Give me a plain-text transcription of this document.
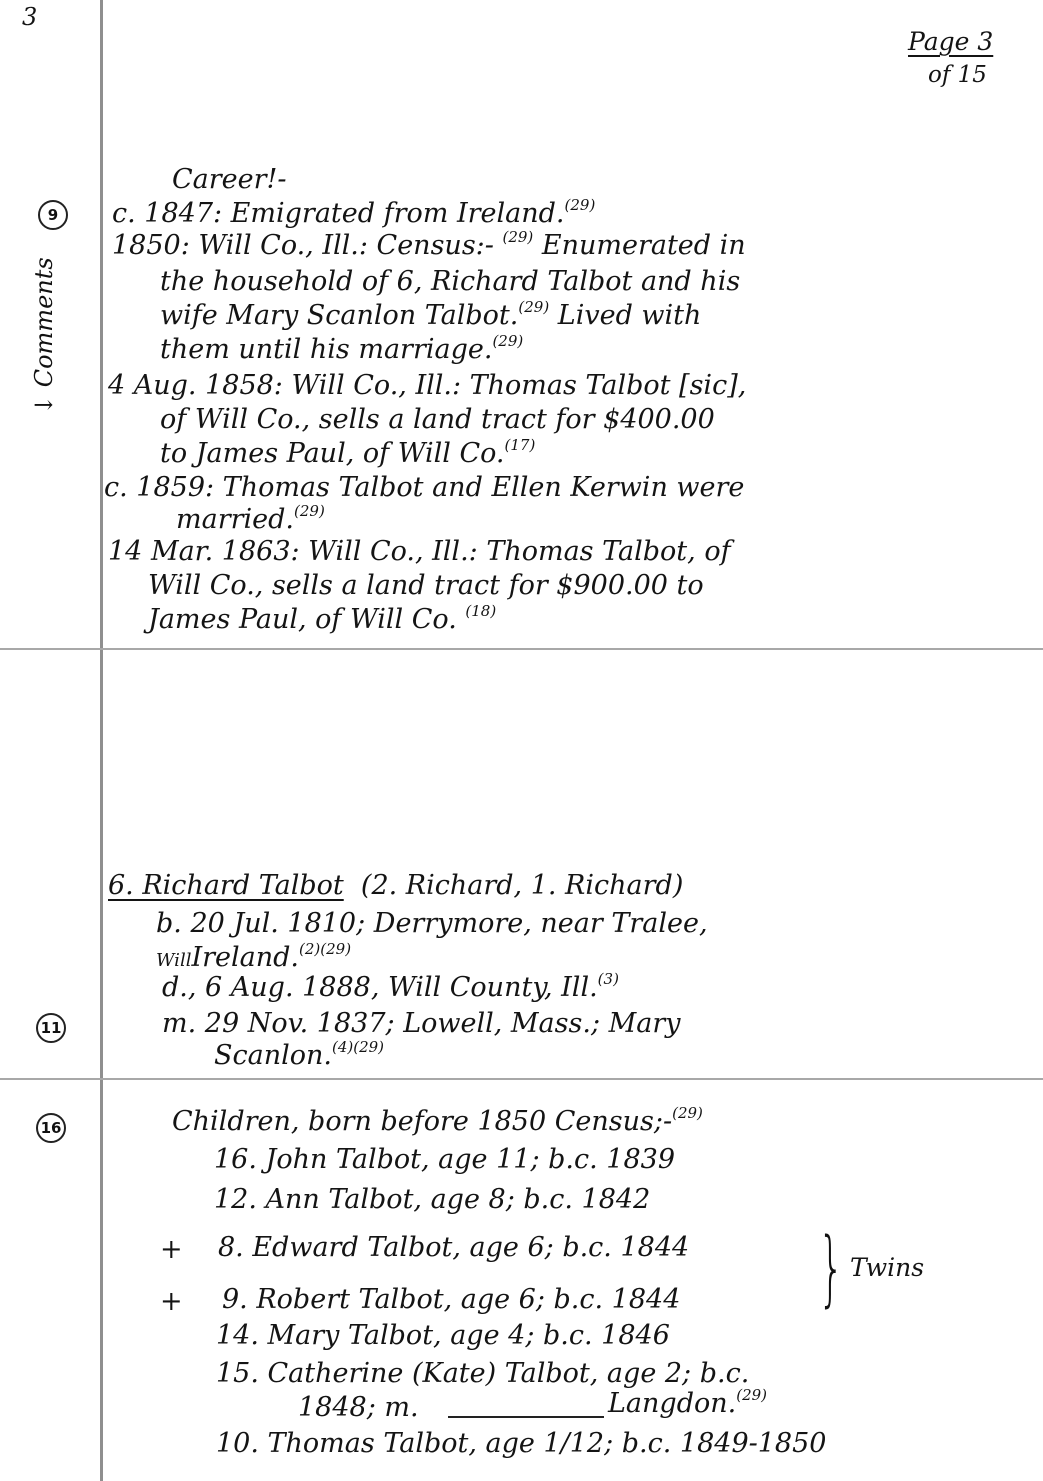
3
↓ Comments
9
11
16
Page 3
of 15
Career!-
c. 1847: Emigrated from Ireland.$^{(29)}$
1850: Will Co., Ill.: Census:- $^{(29)}$ Enumerated in
the household of 6, Richard Talbot and his
wife Mary Scanlon Talbot.$^{(29)}$ Lived with
them until his marriage.$^{(29)}$
4 Aug. 1858: Will Co., Ill.: Thomas Talbot [sic],
of Will Co., sells a land tract for $400.00
to James Paul, of Will Co.$^{(17)}$
c. 1859: Thomas Talbot and Ellen Kerwin were
married.$^{(29)}$
14 Mar. 1863: Will Co., Ill.: Thomas Talbot, of
Will Co., sells a land tract for $900.00 to
James Paul, of Will Co. $^{(18)}$
6. Richard Talbot (2. Richard, 1. Richard)
b. 20 Jul. 1810; Derrymore, near Tralee,
WillIreland.$^{(2)(29)}$
d., 6 Aug. 1888, Will County, Ill.$^{(3)}$
m. 29 Nov. 1837; Lowell, Mass.; Mary
Scanlon.$^{(4)(29)}$
Children, born before 1850 Census;-$^{(29)}$
16. John Talbot, age 11; b.c. 1839
12. Ann Talbot, age 8; b.c. 1842
+ 8. Edward Talbot, age 6; b.c. 1844 } Twins
+ 9. Robert Talbot, age 6; b.c. 1844
14. Mary Talbot, age 4; b.c. 1846
15. Catherine (Kate) Talbot, age 2; b.c.
1848; m.	Langdon.$^{(29)}$
10. Thomas Talbot, age 1/12; b.c. 1849-1850
